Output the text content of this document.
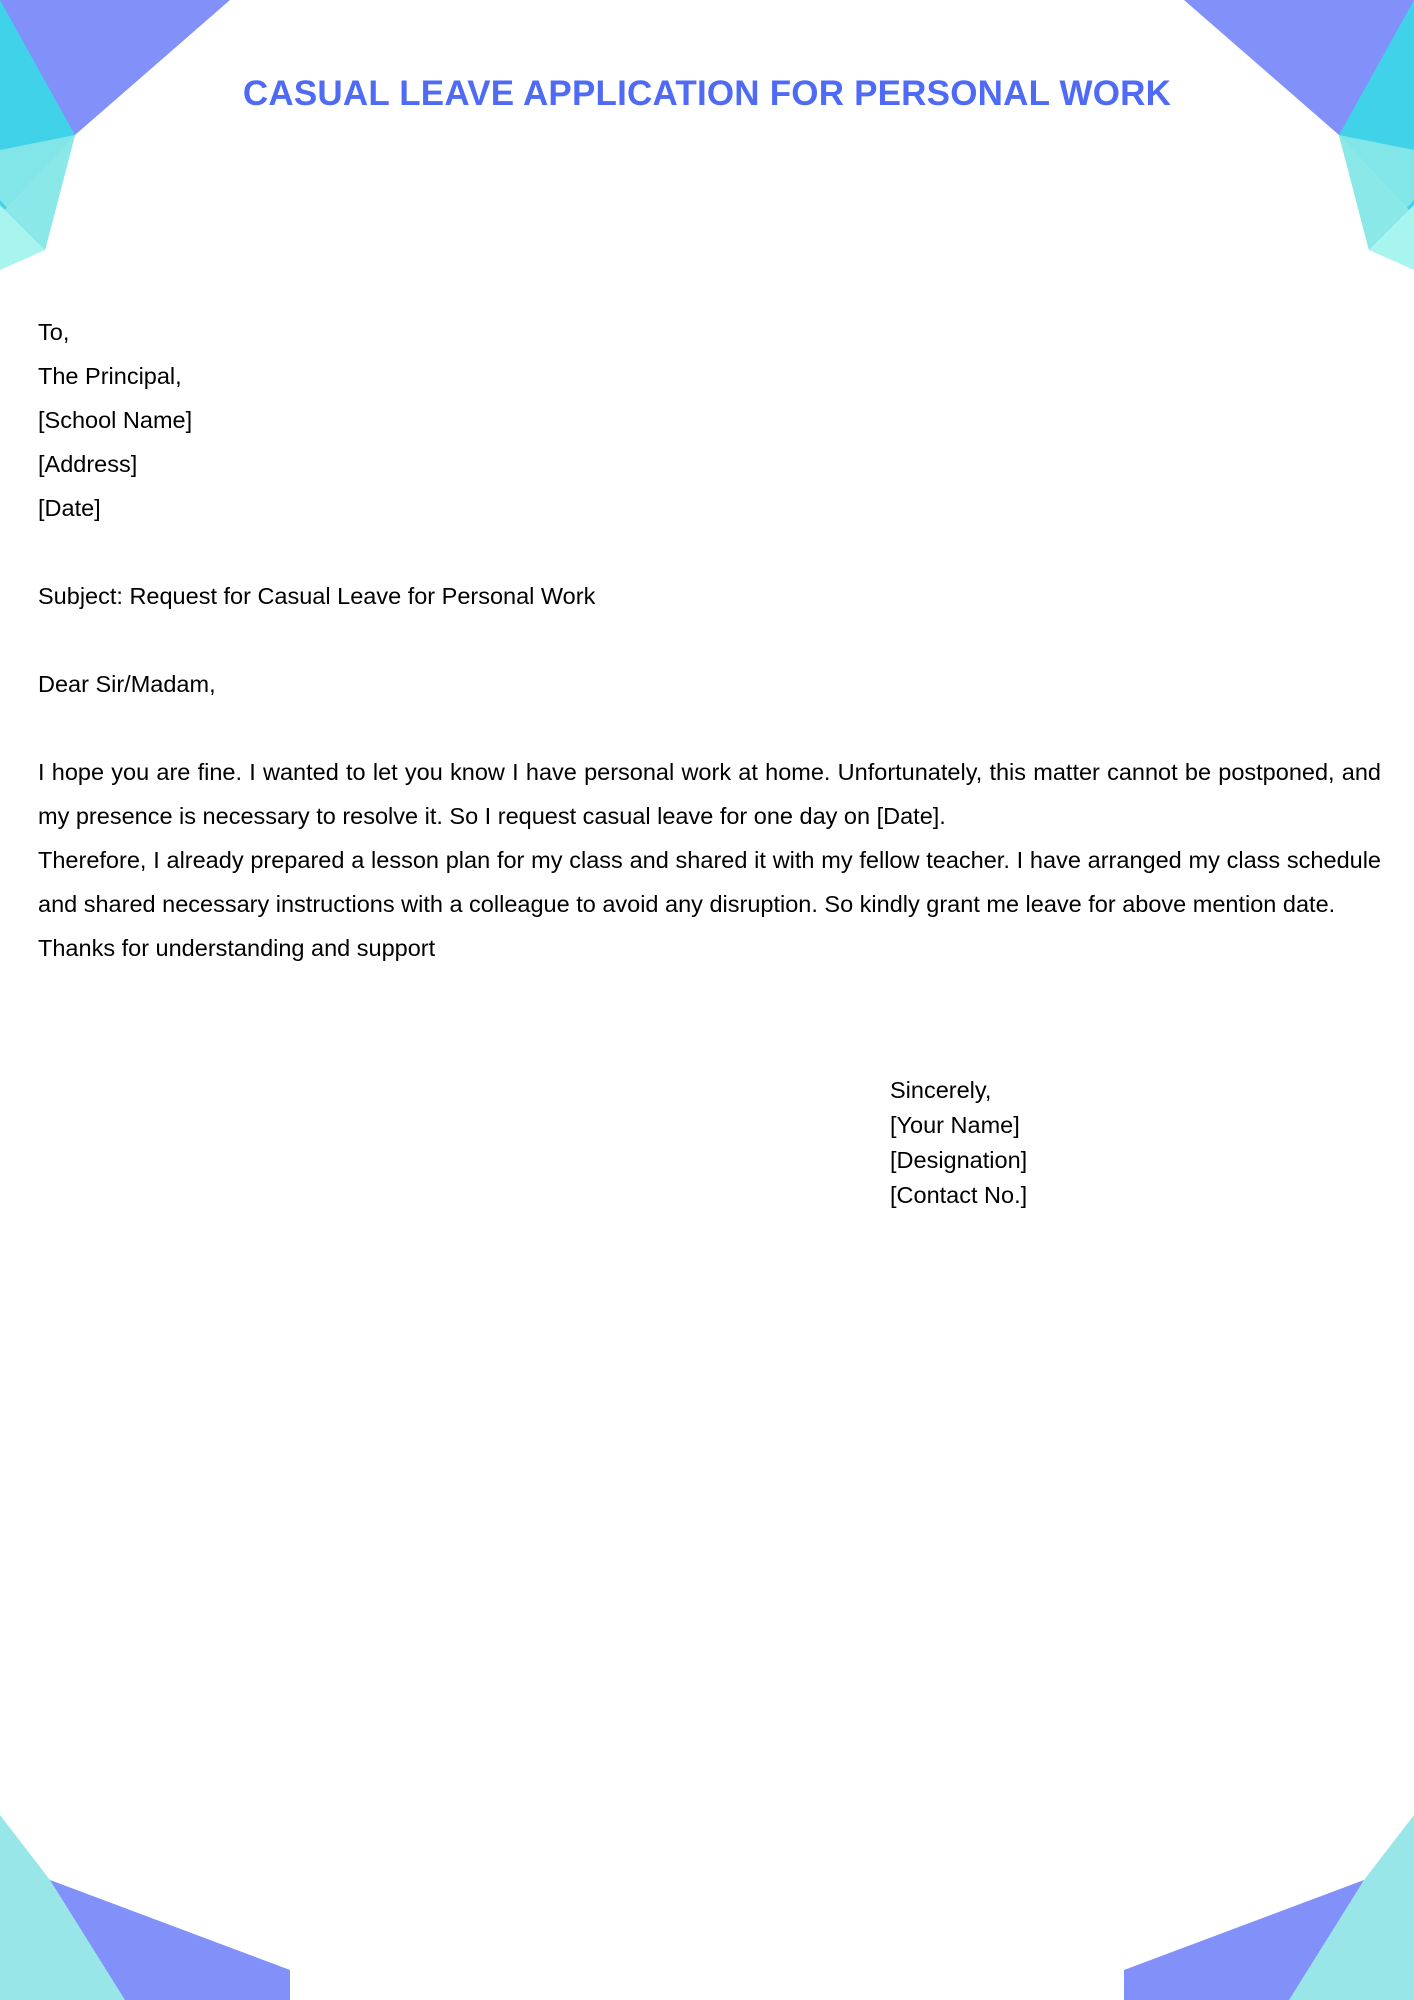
CASUAL LEAVE APPLICATION FOR PERSONAL WORK
To,
The Principal,
[School Name]
[Address]
[Date]
Subject: Request for Casual Leave for Personal Work
Dear Sir/Madam,

I hope you are fine. I wanted to let you know I have personal work at home. Unfortunately, this matter cannot be postponed, and my presence is necessary to resolve it. So I request casual leave for one day on [Date].

Therefore, I already prepared a lesson plan for my class and shared it with my fellow teacher. I have arranged my class schedule and shared necessary instructions with a colleague to avoid any disruption. So kindly grant me leave for above mention date.

Thanks for understanding and support

Sincerely,
[Your Name]
[Designation]
[Contact No.]
